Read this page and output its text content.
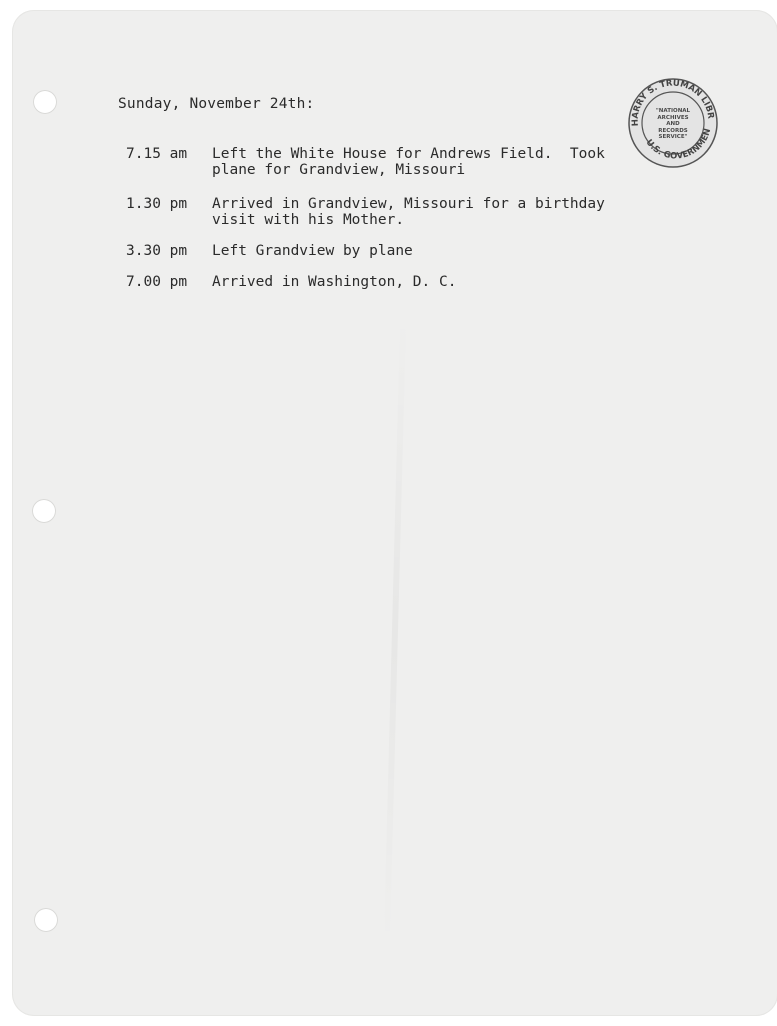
Sunday, November 24th:
7.15 am	Left the White House for Andrews Field.  Took
plane for Grandview, Missouri
1.30 pm	Arrived in Grandview, Missouri for a birthday
visit with his Mother.
3.30 pm	Left Grandview by plane
7.00 pm	Arrived in Washington, D. C.
HARRY S. TRUMAN LIBR
U.S. GOVERNMEN
"NATIONAL ARCHIVES AND RECORDS SERVICE"
